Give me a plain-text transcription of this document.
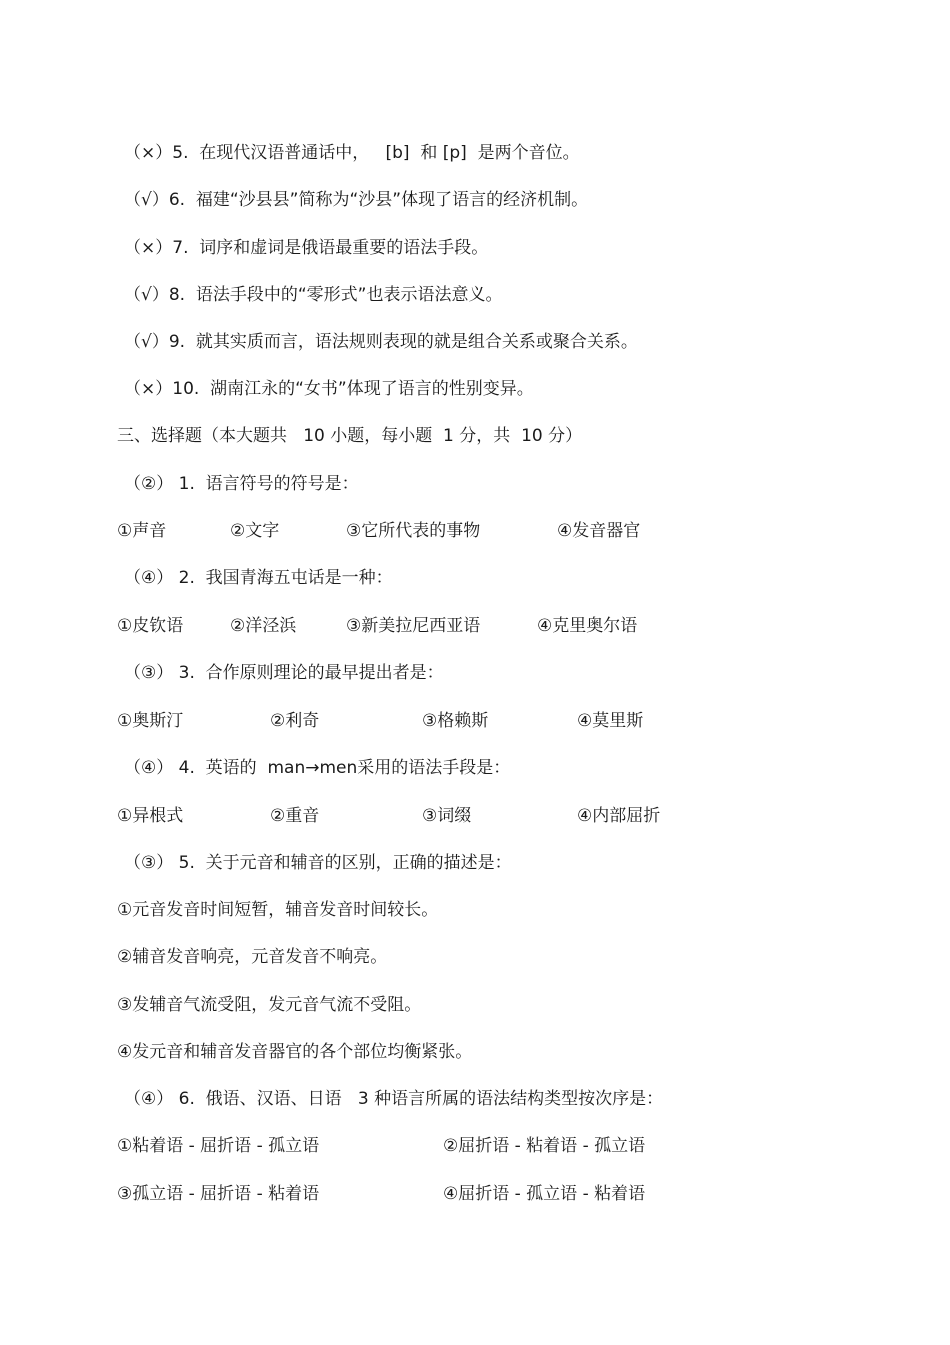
（×）5.  在现代汉语普通话中，   [b]  和 [p]  是两个音位。
（√）6.  福建“沙县县”简称为“沙县”体现了语言的经济机制。
（×）7.  词序和虚词是俄语最重要的语法手段。
（√）8.  语法手段中的“零形式”也表示语法意义。
（√）9.  就其实质而言，语法规则表现的就是组合关系或聚合关系。
（×）10.  湖南江永的“女书”体现了语言的性别变异。
三、选择题（本大题共   10 小题，每小题  1 分，共  10 分）
（②） 1.  语言符号的符号是：
①声音	②文字	③它所代表的事物	④发音器官
（④） 2.  我国青海五屯话是一种：
①皮钦语	②洋泾浜	③新美拉尼西亚语	④克里奥尔语
（③） 3.  合作原则理论的最早提出者是：
①奥斯汀	②利奇	③格赖斯	④莫里斯
（④） 4.  英语的  man→men采用的语法手段是：
①异根式	②重音	③词缀	④内部屈折
（③） 5.  关于元音和辅音的区别，正确的描述是：
①元音发音时间短暂，辅音发音时间较长。
②辅音发音响亮，元音发音不响亮。
③发辅音气流受阻，发元音气流不受阻。
④发元音和辅音发音器官的各个部位均衡紧张。
（④） 6.  俄语、汉语、日语   3 种语言所属的语法结构类型按次序是：
①粘着语 - 屈折语 - 孤立语	②屈折语 - 粘着语 - 孤立语
③孤立语 - 屈折语 - 粘着语	④屈折语 - 孤立语 - 粘着语
